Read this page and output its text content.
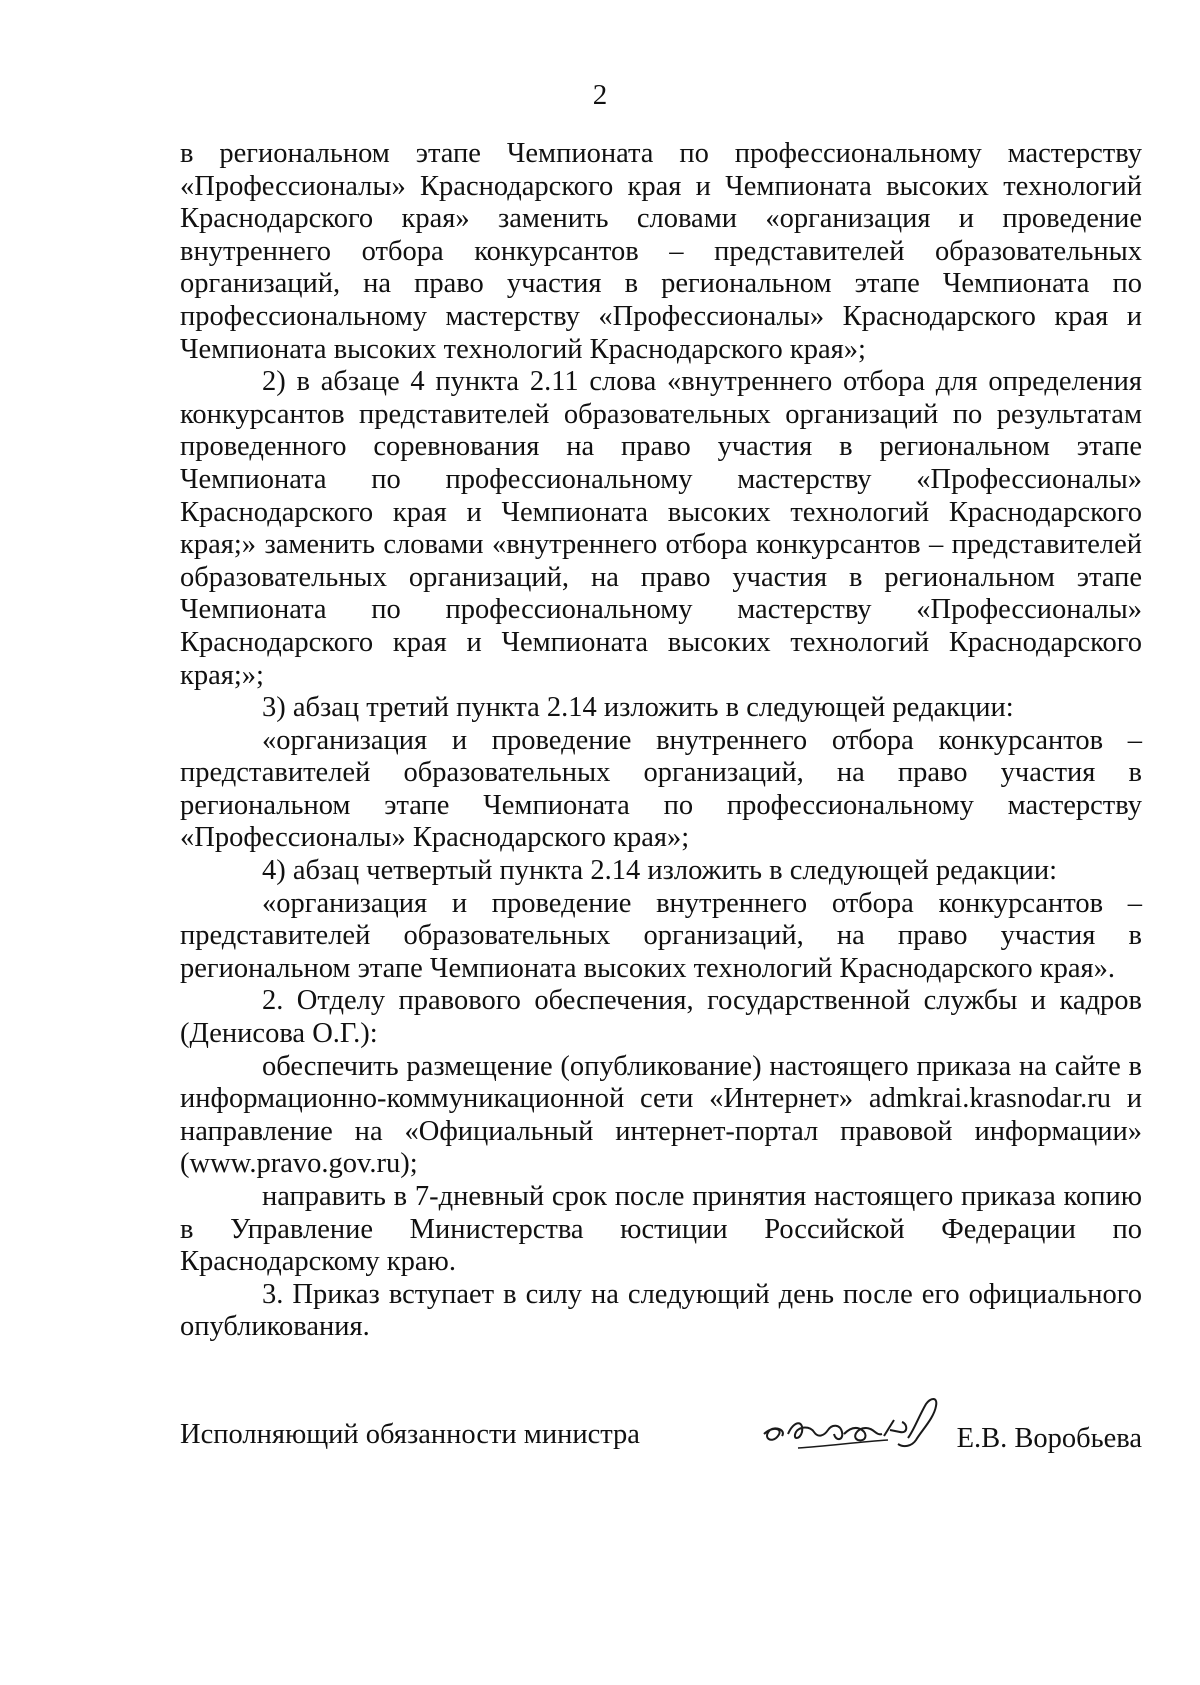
2

в региональном этапе Чемпионата по профессиональному мастерству «Профессионалы» Краснодарского края и Чемпионата высоких технологий Краснодарского края» заменить словами «организация и проведение внутреннего отбора конкурсантов – представителей образовательных организаций, на право участия в региональном этапе Чемпионата по профессиональному мастерству «Профессионалы» Краснодарского края и Чемпионата высоких технологий Краснодарского края»;

2) в абзаце 4 пункта 2.11 слова «внутреннего отбора для определения конкурсантов представителей образовательных организаций по результатам проведенного соревнования на право участия в региональном этапе Чемпионата по профессиональному мастерству «Профессионалы» Краснодарского края и Чемпионата высоких технологий Краснодарского края;» заменить словами «внутреннего отбора конкурсантов – представителей образовательных организаций, на право участия в региональном этапе Чемпионата по профессиональному мастерству «Профессионалы» Краснодарского края и Чемпионата высоких технологий Краснодарского края;»;

3) абзац третий пункта 2.14 изложить в следующей редакции:

«организация и проведение внутреннего отбора конкурсантов – представителей образовательных организаций, на право участия в региональном этапе Чемпионата по профессиональному мастерству «Профессионалы» Краснодарского края»;

4) абзац четвертый пункта 2.14 изложить в следующей редакции:

«организация и проведение внутреннего отбора конкурсантов – представителей образовательных организаций, на право участия в региональном этапе Чемпионата высоких технологий Краснодарского края».

2. Отделу правового обеспечения, государственной службы и кадров (Денисова О.Г.):

обеспечить размещение (опубликование) настоящего приказа на сайте в информационно-коммуникационной сети «Интернет» admkrai.krasnodar.ru и направление на «Официальный интернет-портал правовой информации» (www.pravo.gov.ru);

направить в 7-дневный срок после принятия настоящего приказа копию в Управление Министерства юстиции Российской Федерации по Краснодарскому краю.

3. Приказ вступает в силу на следующий день после его официального опубликования.

Исполняющий обязанности министра	Е.В. Воробьева
